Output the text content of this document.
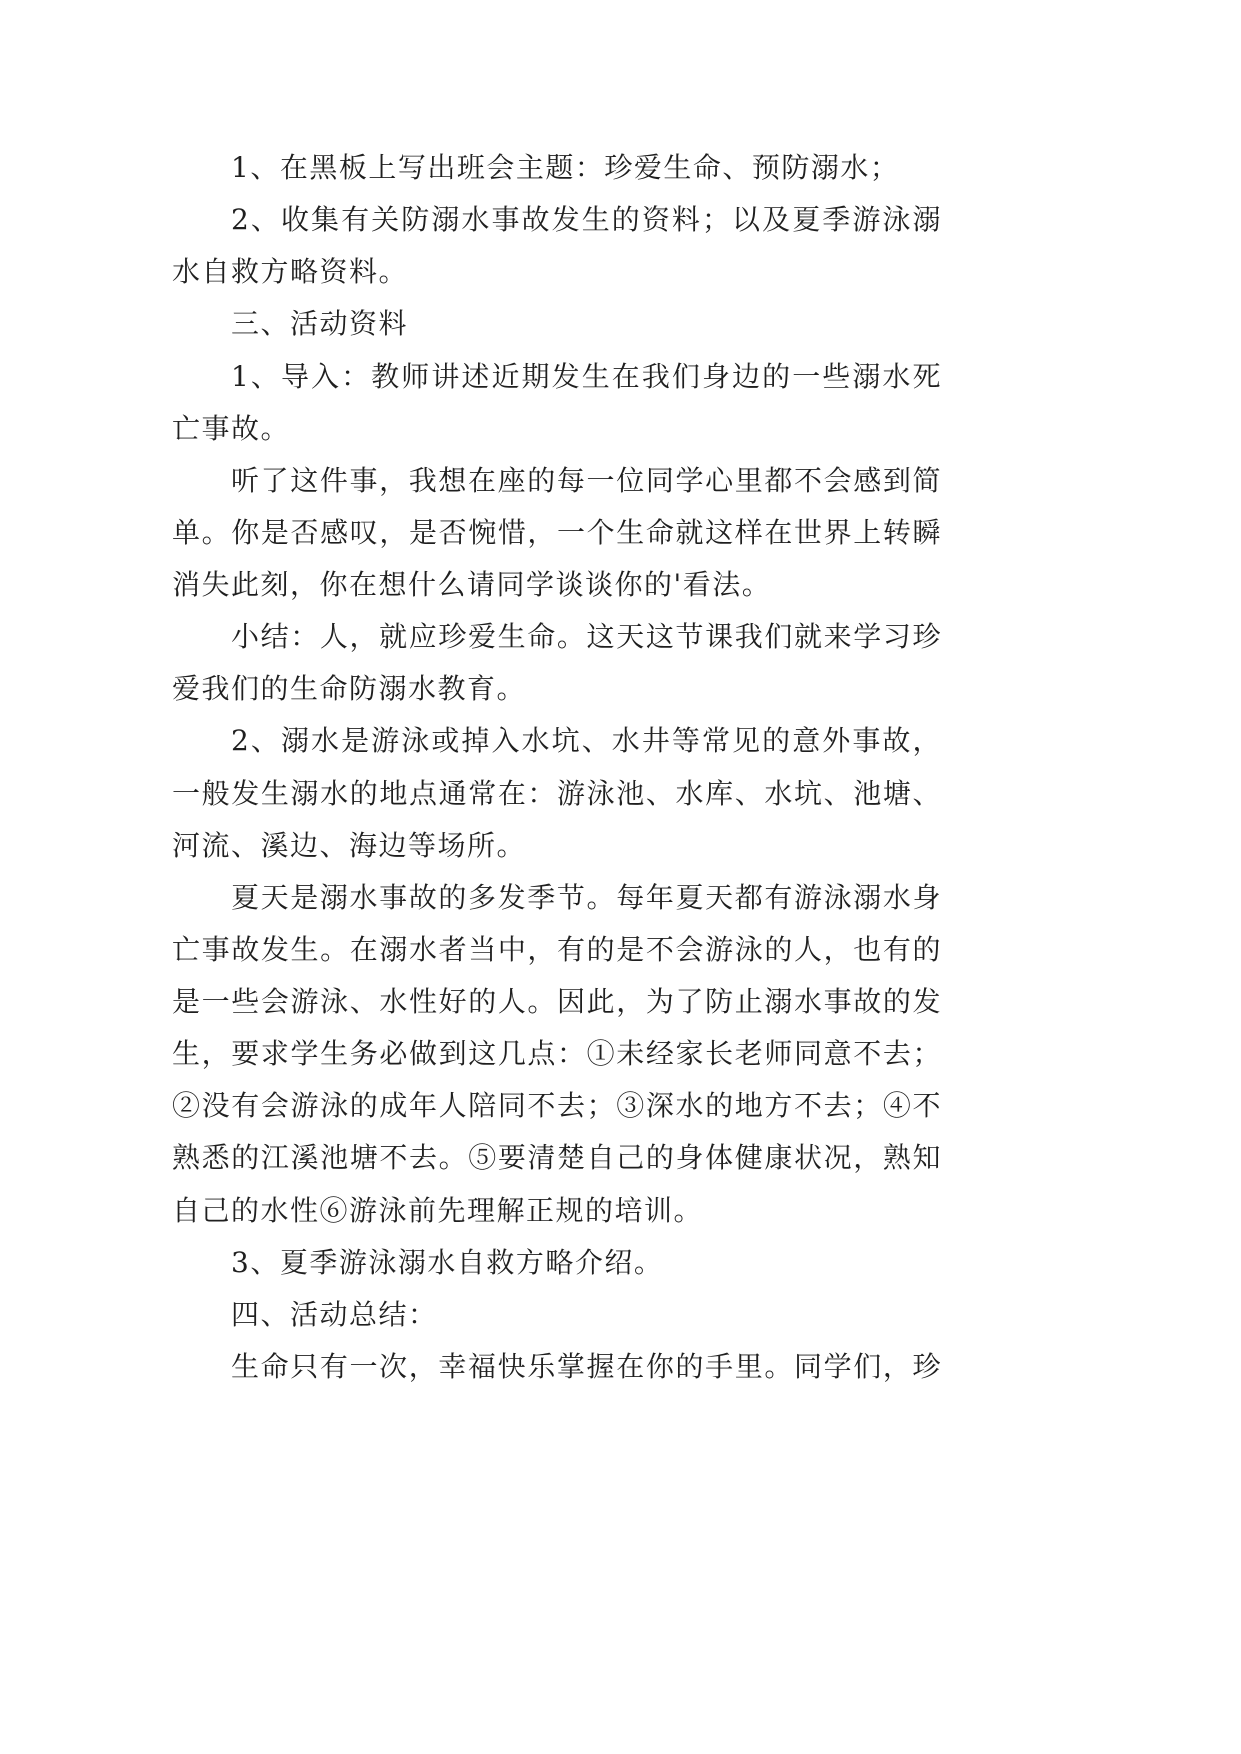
1、在黑板上写出班会主题：珍爱生命、预防溺水；
2、收集有关防溺水事故发生的资料；以及夏季游泳溺
水自救方略资料。
三、活动资料
1、导入：教师讲述近期发生在我们身边的一些溺水死
亡事故。
听了这件事，我想在座的每一位同学心里都不会感到简
单。你是否感叹，是否惋惜，一个生命就这样在世界上转瞬
消失此刻，你在想什么请同学谈谈你的'看法。
小结：人，就应珍爱生命。这天这节课我们就来学习珍
爱我们的生命防溺水教育。
2、溺水是游泳或掉入水坑、水井等常见的意外事故，
一般发生溺水的地点通常在：游泳池、水库、水坑、池塘、
河流、溪边、海边等场所。
夏天是溺水事故的多发季节。每年夏天都有游泳溺水身
亡事故发生。在溺水者当中，有的是不会游泳的人，也有的
是一些会游泳、水性好的人。因此，为了防止溺水事故的发
生，要求学生务必做到这几点：①未经家长老师同意不去；
②没有会游泳的成年人陪同不去；③深水的地方不去；④不
熟悉的江溪池塘不去。⑤要清楚自己的身体健康状况，熟知
自己的水性⑥游泳前先理解正规的培训。
3、夏季游泳溺水自救方略介绍。
四、活动总结：
生命只有一次，幸福快乐掌握在你的手里。同学们，珍
